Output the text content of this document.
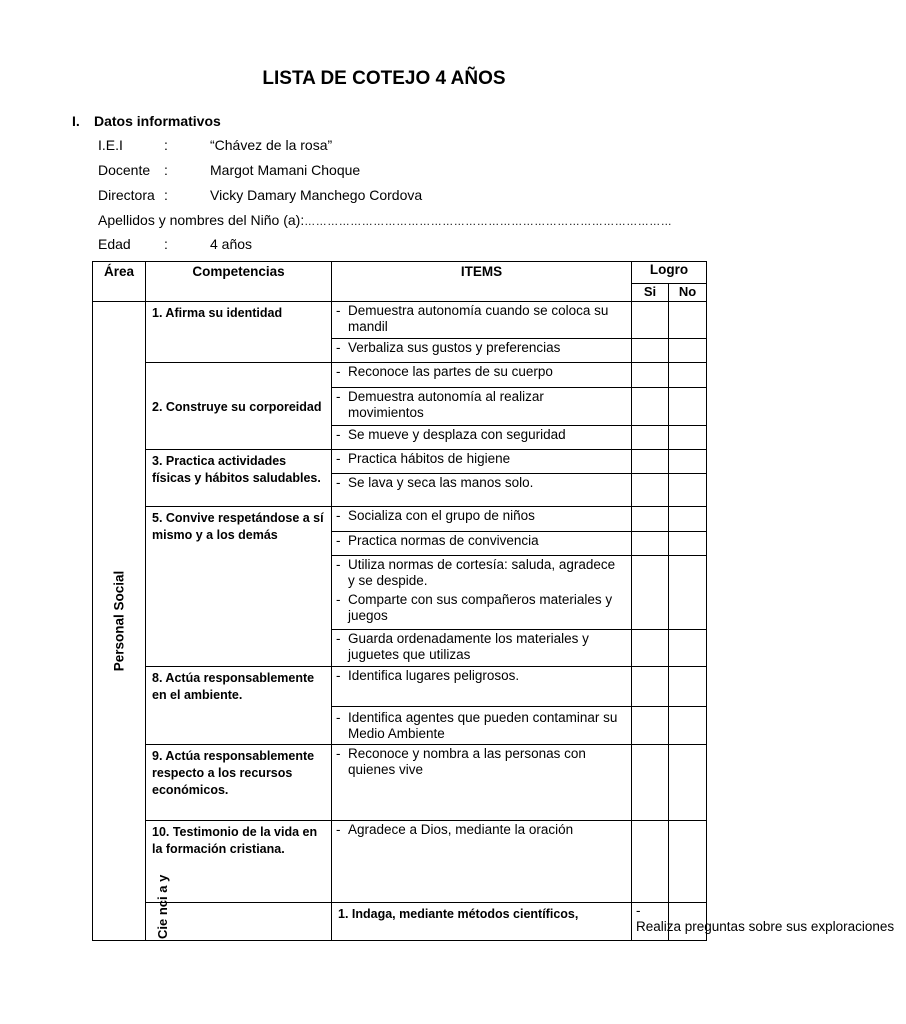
LISTA DE COTEJO 4 AÑOS
I. Datos informativos
I.E.I	:	“Chávez de la rosa”
Docente :	Margot Mamani Choque
Directora :	Vicky Damary Manchego Cordova
Apellidos y nombres del Niño (a):……………………………………………………………………………………
Edad :	4 años
Área	Competencias	ITEMS	Logro		
			Si	No	

Personal Social	1. Afirma su identidad	- Demuestra autonomía cuando se coloca su mandil			
		- Verbaliza sus gustos y preferencias			
	2. Construye su corporeidad	- Reconoce las partes de su cuerpo			
		- Demuestra autonomía al realizar movimientos			
		- Se mueve y desplaza con seguridad			
	3. Practica actividades físicas y hábitos saludables.	- Practica hábitos de higiene			
		- Se lava y seca las manos solo.			
	5. Convive respetándose a sí mismo y a los demás	- Socializa con el grupo de niños			
		- Practica normas de convivencia			

		- Utiliza normas de cortesía: saluda, agradece y se despide.
- Comparte con sus compañeros materiales y juegos			

		- Guarda ordenadamente los materiales y juguetes que utilizas			
	8. Actúa responsablemente en el ambiente.	- Identifica lugares peligrosos.			
		- Identifica agentes que pueden contaminar su Medio Ambiente			
	9. Actúa responsablemente respecto a los recursos económicos.	- Reconoce y nombra a las personas con quienes vive			
	10. Testimonio de la vida en la formación cristiana.	- Agradece a Dios, mediante la oración			

	Cie nci a y	1. Indaga, mediante métodos científicos,	-Realiza preguntas sobre sus exploraciones		
